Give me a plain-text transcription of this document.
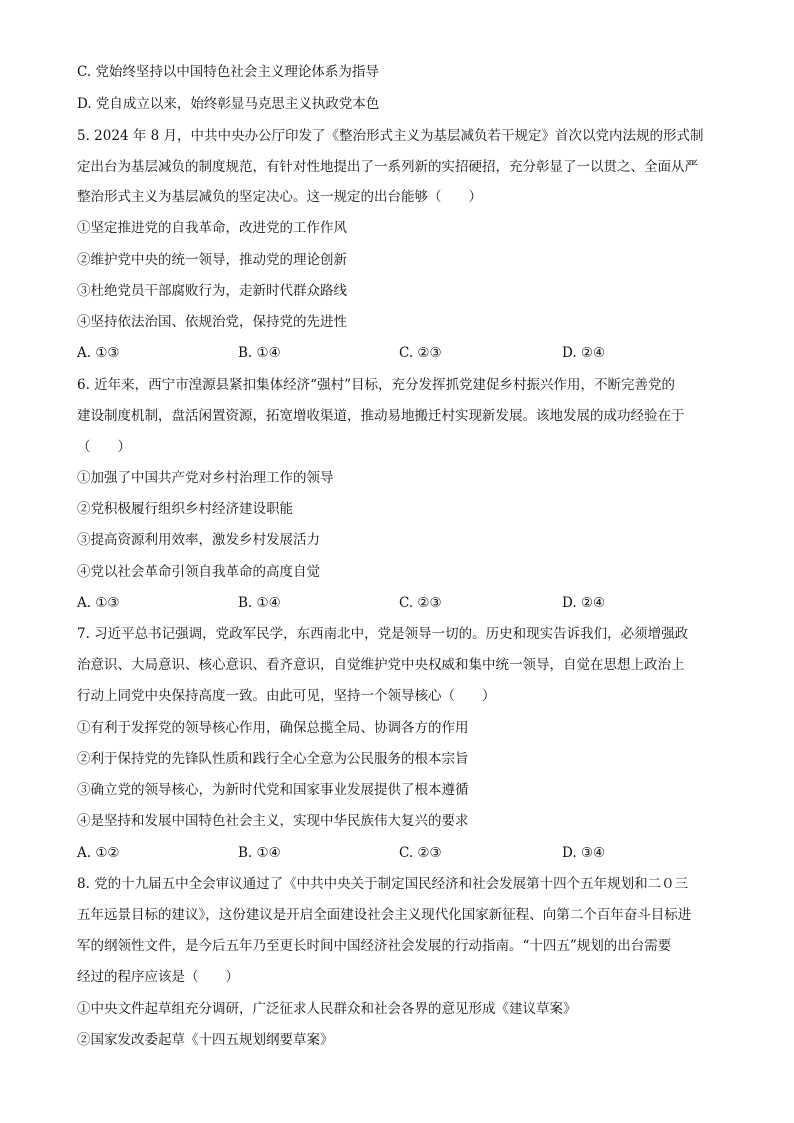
C. 党始终坚持以中国特色社会主义理论体系为指导
D. 党自成立以来，始终彰显马克思主义执政党本色
5. 2024 年 8 月，中共中央办公厅印发了《整治形式主义为基层减负若干规定》首次以党内法规的形式制
定出台为基层减负的制度规范，有针对性地提出了一系列新的实招硬招，充分彰显了一以贯之、全面从严
整治形式主义为基层减负的坚定决心。这一规定的出台能够（　　）
①坚定推进党的自我革命，改进党的工作作风
②维护党中央的统一领导，推动党的理论创新
③杜绝党员干部腐败行为，走新时代群众路线
④坚持依法治国、依规治党，保持党的先进性
A. ①③	B. ①④	C. ②③	D. ②④
6. 近年来，西宁市湟源县紧扣集体经济“强村”目标，充分发挥抓党建促乡村振兴作用，不断完善党的
建设制度机制，盘活闲置资源，拓宽增收渠道，推动易地搬迁村实现新发展。该地发展的成功经验在于
（　　）
①加强了中国共产党对乡村治理工作的领导
②党积极履行组织乡村经济建设职能
③提高资源利用效率，激发乡村发展活力
④党以社会革命引领自我革命的高度自觉
A. ①③	B. ①④	C. ②③	D. ②④
7. 习近平总书记强调，党政军民学，东西南北中，党是领导一切的。历史和现实告诉我们，必须增强政
治意识、大局意识、核心意识、看齐意识，自觉维护党中央权威和集中统一领导，自觉在思想上政治上
行动上同党中央保持高度一致。由此可见，坚持一个领导核心（　　）
①有利于发挥党的领导核心作用，确保总揽全局、协调各方的作用
②利于保持党的先锋队性质和践行全心全意为公民服务的根本宗旨
③确立党的领导核心，为新时代党和国家事业发展提供了根本遵循
④是坚持和发展中国特色社会主义，实现中华民族伟大复兴的要求
A. ①②	B. ①④	C. ②③	D. ③④
8. 党的十九届五中全会审议通过了《中共中央关于制定国民经济和社会发展第十四个五年规划和二０三
五年远景目标的建议》，这份建议是开启全面建设社会主义现代化国家新征程、向第二个百年奋斗目标进
军的纲领性文件，是今后五年乃至更长时间中国经济社会发展的行动指南。“十四五”规划的出台需要
经过的程序应该是（　　）
①中央文件起草组充分调研，广泛征求人民群众和社会各界的意见形成《建议草案》
②国家发改委起草《十四五规划纲要草案》
